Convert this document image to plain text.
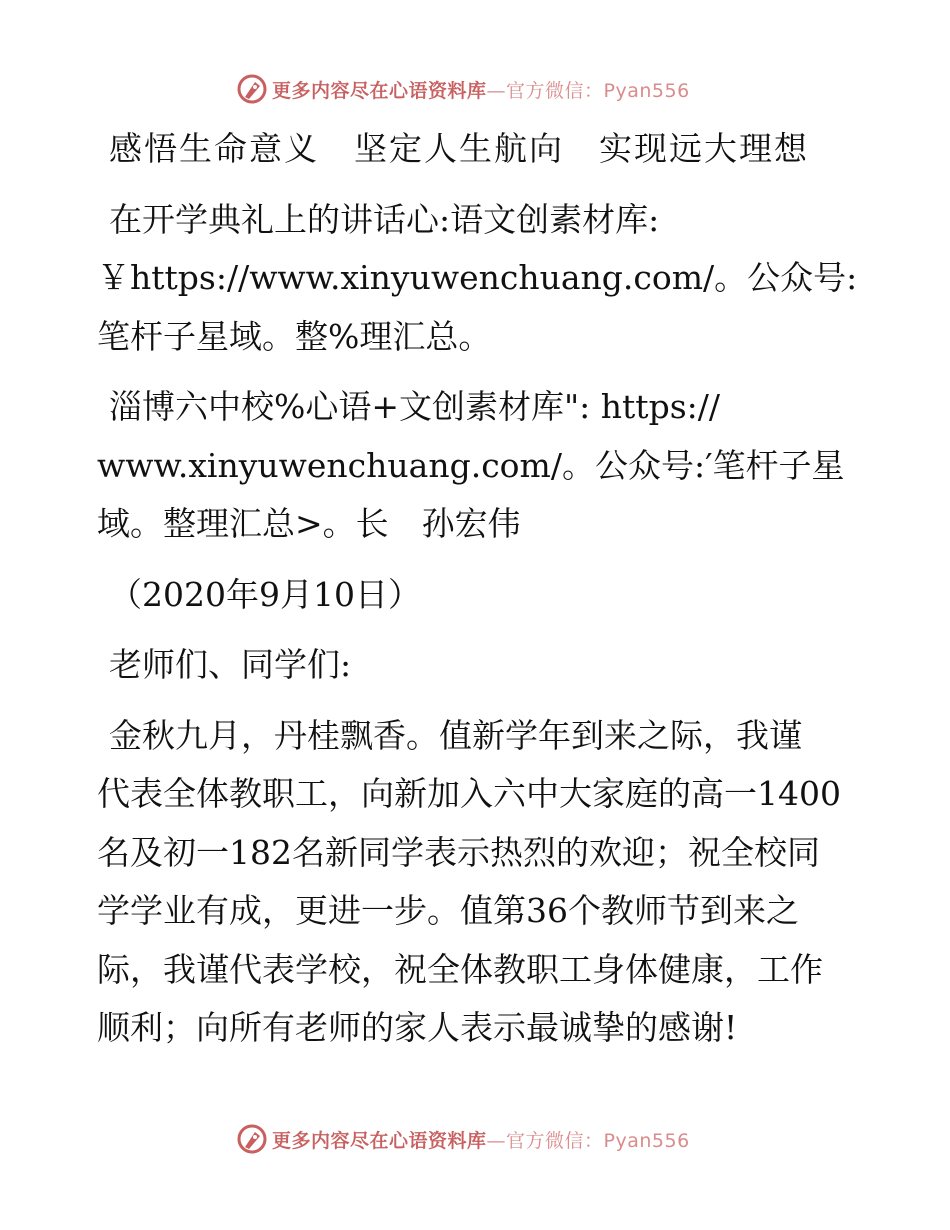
更多内容尽在心语资料库—官方微信：Pyan556
感悟生命意义　坚定人生航向　实现远大理想
在开学典礼上的讲话心:语文创素材库:
￥https://www.xinyuwenchuang.com/。公众号:
笔杆子星域。整%理汇总。
淄博六中校%心语+文创素材库": https://
www.xinyuwenchuang.com/。公众号:′笔杆子星
域。整理汇总>。长　孙宏伟
（2020年9月10日）
老师们、同学们:
金秋九月，丹桂飘香。值新学年到来之际，我谨
代表全体教职工，向新加入六中大家庭的高一1400
名及初一182名新同学表示热烈的欢迎；祝全校同
学学业有成，更进一步。值第36个教师节到来之
际，我谨代表学校，祝全体教职工身体健康，工作
顺利；向所有老师的家人表示最诚挚的感谢!
更多内容尽在心语资料库—官方微信：Pyan556
